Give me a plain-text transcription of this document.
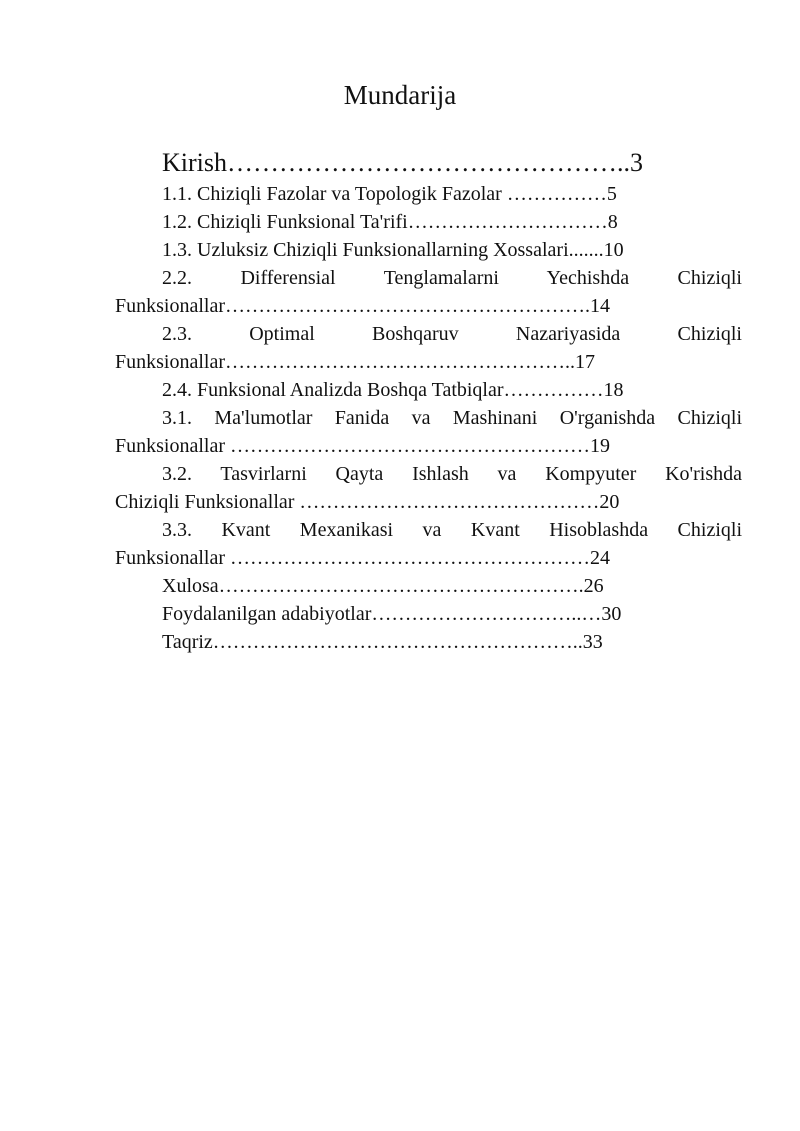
Mundarija
Kirish………………………………………..3
1.1. Chiziqli Fazolar va Topologik Fazolar ……………5
1.2. Chiziqli Funksional Ta'rifi…………………………8
1.3. Uzluksiz Chiziqli Funksionallarning Xossalari.......10
2.2. Differensial Tenglamalarni Yechishda Chiziqli
Funksionallar……………………………………………….14
2.3. Optimal Boshqaruv Nazariyasida Chiziqli
Funksionallar……………………………………………..17
2.4. Funksional Analizda Boshqa Tatbiqlar……………18
3.1. Ma'lumotlar Fanida va Mashinani O'rganishda Chiziqli
Funksionallar ………………………………………………19
3.2. Tasvirlarni Qayta Ishlash va Kompyuter Ko'rishda
Chiziqli Funksionallar ………………………………………20
3.3. Kvant Mexanikasi va Kvant Hisoblashda Chiziqli
Funksionallar ………………………………………………24
Xulosa……………………………………………….26
Foydalanilgan adabiyotlar…………………………..…30
Taqriz………………………………………………..33
